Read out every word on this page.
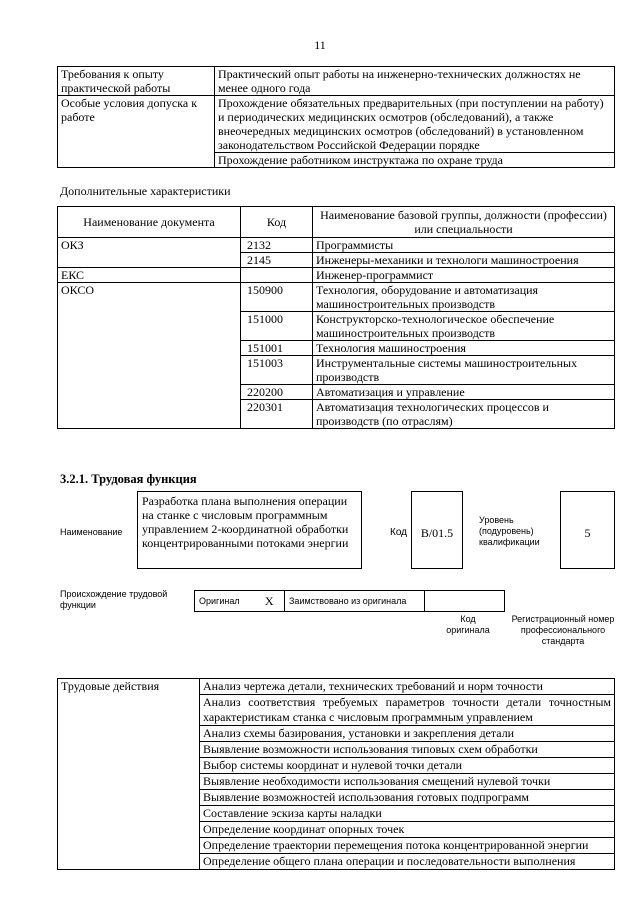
11
Требования к опыту практической работы	Практический опыт работы на инженерно-технических должностях не менее одного года
Особые условия допуска к работе	Прохождение обязательных предварительных (при поступлении на работу) и периодических медицинских осмотров (обследований), а также внеочередных медицинских осмотров (обследований) в установленном законодательством Российской Федерации порядке
	Прохождение работником инструктажа по охране труда
Дополнительные характеристики
Наименование документа	Код	Наименование базовой группы, должности (профессии) или специальности
ОКЗ	2132	Программисты
	2145	Инженеры-механики и технологи машиностроения
ЕКС		Инженер-программист
ОКСО	150900	Технология, оборудование и автоматизация машиностроительных производств
	151000	Конструкторско-технологическое обеспечение машиностроительных производств
	151001	Технология машиностроения
	151003	Инструментальные системы машиностроительных производств
	220200	Автоматизация и управление
	220301	Автоматизация технологических процессов и производств (по отраслям)
3.2.1. Трудовая функция
Наименование
Разработка плана выполнения операции на станке с числовым программным управлением 2-координатной обработки концентрированными потоками энергии
Код	В/01.5
Уровень (подуровень) квалификации
5
Происхождение трудовой функции	Оригинал	X	Заимствовано из оригинала		
Код оригинала
Регистрационный номер профессионального стандарта
Трудовые действия	Анализ чертежа детали, технических требований и норм точности
Анализ соответствия требуемых параметров точности детали точностным характеристикам станка с числовым программным управлением
Анализ схемы базирования, установки и закрепления детали
Выявление возможности использования типовых схем обработки
Выбор системы координат и нулевой точки детали
Выявление необходимости использования смещений нулевой точки
Выявление возможностей использования готовых подпрограмм
Составление эскиза карты наладки
Определение координат опорных точек
Определение траектории перемещения потока концентрированной энергии
Определение общего плана операции и последовательности выполнения
